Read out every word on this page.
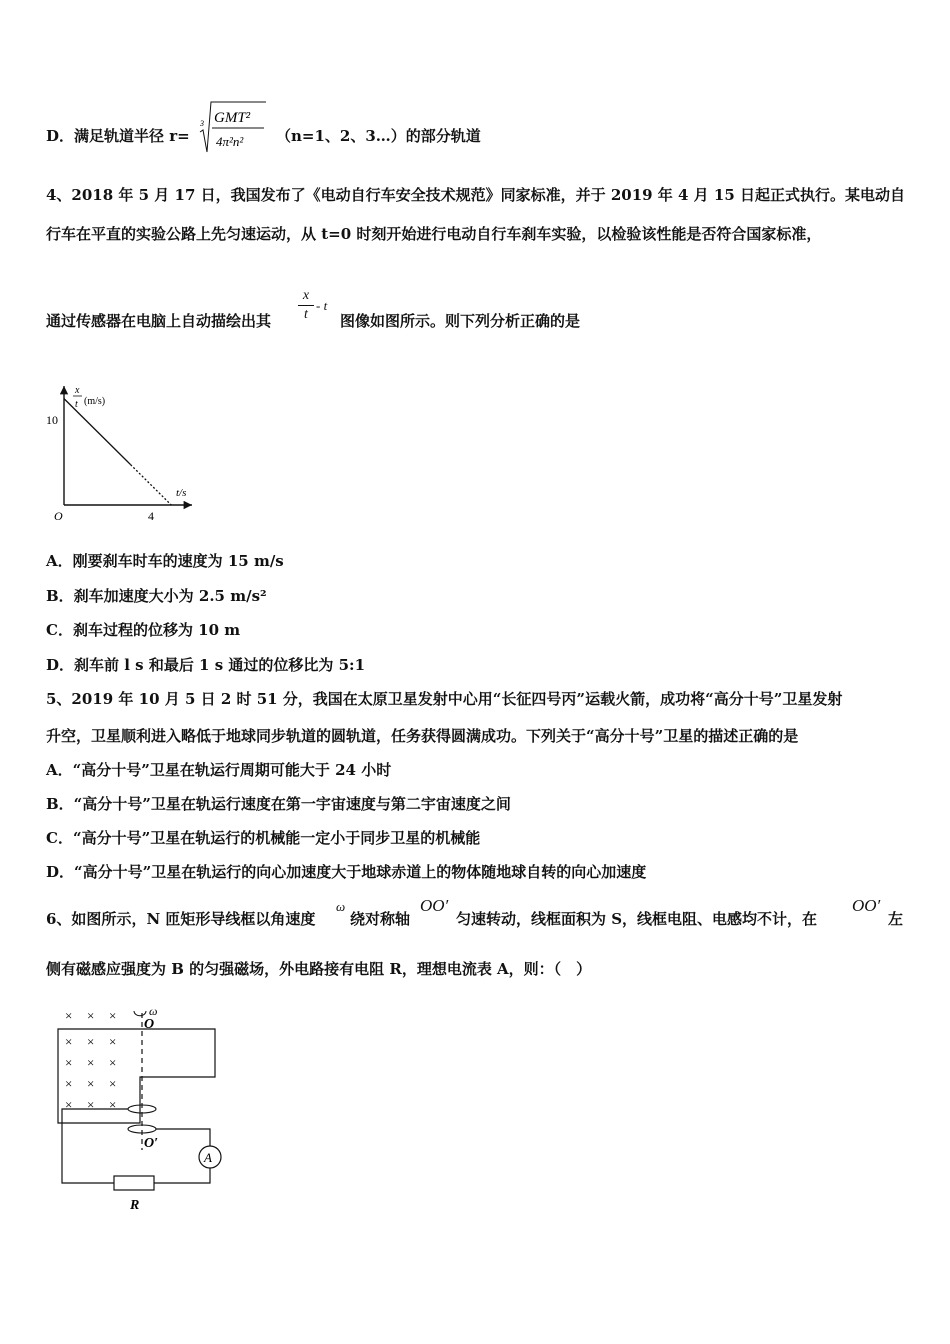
D．满足轨道半径 r=
3 GMT²
4π²n² （n=1、2、3…）的部分轨道
4、2018 年 5 月 17 日，我国发布了《电动自行车安全技术规范》同家标准，并于 2019 年 4 月 15 日起正式执行。某电动自
行车在平直的实验公路上先匀速运动，从 t=0 时刻开始进行电动自行车刹车实验，以检验该性能是否符合国家标准，
通过传感器在电脑上自动描绘出其
x
t
- t
图像如图所示。则下列分析正确的是
x
t (m/s)
t/s
O
10
4
A．刚要刹车时车的速度为 15 m/s
B．刹车加速度大小为 2.5 m/s²
C．刹车过程的位移为 10 m
D．刹车前 l s 和最后 1 s 通过的位移比为 5:1
5、2019 年 10 月 5 日 2 时 51 分，我国在太原卫星发射中心用“长征四号丙”运载火箭，成功将“高分十号”卫星发射
升空，卫星顺利进入略低于地球同步轨道的圆轨道，任务获得圆满成功。下列关于“高分十号”卫星的描述正确的是
A．“高分十号”卫星在轨运行周期可能大于 24 小时
B．“高分十号”卫星在轨运行速度在第一宇宙速度与第二宇宙速度之间
C．“高分十号”卫星在轨运行的机械能一定小于同步卫星的机械能
D．“高分十号”卫星在轨运行的向心加速度大于地球赤道上的物体随地球自转的向心加速度
6、如图所示，N 匝矩形导线框以角速度
ω
绕对称轴
OO′
匀速转动，线框面积为 S，线框电阻、电感均不计，在
OO′
左
侧有磁感应强度为 B 的匀强磁场，外电路接有电阻 R，理想电流表 A，则：（　）
× × ×
× × ×
× × ×
× × ×
× × ×
A
R
O
ω
O′
